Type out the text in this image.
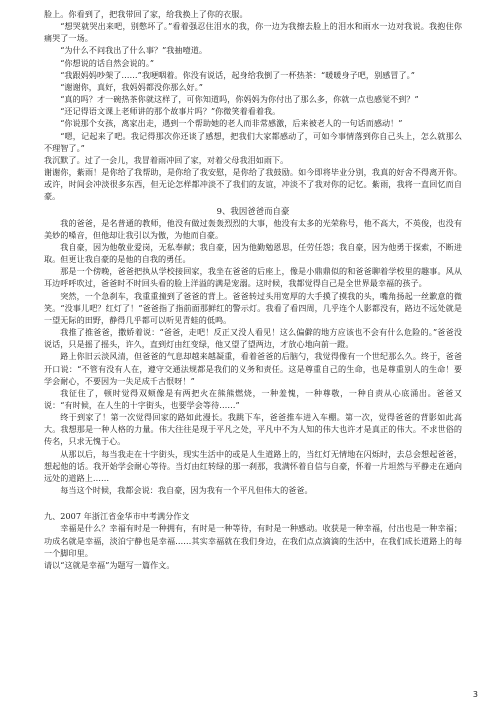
脸上。你看到了，把我带回了家，给我换上了你的衣服。

“想哭就哭出来吧，别憋坏了。”看着强忍住泪水的我，你一边为我擦去脸上的泪水和雨水一边对我说。我抱住你痛哭了一场。

“为什么不问我出了什么事？”我抽噎道。

“你想说的话自然会说的。”

“我跟妈妈吵架了……”我哽咽着。你没有说话，起身给我倒了一杯热茶：“暖暖身子吧，别感冒了。”

“谢谢你，真好，我妈妈都没你那么好。”

“真的吗？才一碗热茶你就这样了，可你知道吗，你妈妈为你付出了那么多，你就一点也感觉不到？”

“还记得语文课上老师讲的那个故事片吗？”你微笑着看着我。

“你说那个女孩，离家出走，遇到一个帮助她的老人而非常感激，后来被老人的一句话而感动！”

“嗯，记起来了吧。我记得那次你还谈了感想，把我们大家都感动了，可如今事情落到你自己头上，怎么就那么不理智了。”

我沉默了。过了一会儿，我冒着雨冲回了家，对着父母我泪如雨下。

谢谢你，紫雨！是你给了我帮助，是你给了我安慰，是你给了我鼓励。如今即将毕业分别，我真的好舍不得离开你。或许，时间会冲淡很多东西，但无论怎样都冲淡不了我们的友谊，冲淡不了我对你的记忆。紫雨，我将一直回忆而自豪。

9、我因爸爸而自豪

我的爸爸，是名普通的教师，他没有做过轰轰烈烈的大事，他没有太多的光荣称号，他不高大，不英俊，也没有美妙的嗓音，但他却让我引以为傲，为他而自豪。

我自豪，因为他敬业爱岗，无私奉献；我自豪，因为他勤勉恩思，任劳任怨；我自豪，因为他勇于探索，不断进取。但更让我自豪的是他的自我的勇任。

那是一个傍晚，爸爸把执从学校接回家，我坐在爸爸的后座上，像是小鼎鼎似的和爸爸聊着学校里的趣事。风从耳边呼呼吹过，爸爸时不时回头看的脸上洋溢的满是宠溺。这时候，我都觉得自己是全世界最幸福的孩子。

突然，一个急刹车，我重重撞到了爸爸的背上。爸爸转过头用宽厚的大手摸了摸我的头，嘴角扬起一丝歉意的微笑。“没事儿吧？红灯了！”爸爸指了指前面那鲜红的警示灯。我看了看四周，几乎连个人影都没有，路边不远处就是一望无际的田野，静得几乎都可以听见青蛙的低鸣。

我推了推爸爸，撒娇着说：“爸爸，走吧！反正又没人看见！这么偏僻的地方应该也不会有什么危险的。”爸爸没说话，只是摇了摇头，许久，直到灯由红变绿，他又望了望两边，才放心地向前一蹬。

路上你旧云淡风清，但爸爸的气息却越来越凝重，看着爸爸的后脑勺，我觉得像有一个世纪那么久。终于，爸爸开口说：“不管有没有人在，遵守交通法规都是我们的义务和责任。这是尊重自己的生命，也是尊重别人的生命！要学会耐心，不要因为一失足成千古恨呀！”

我征住了，顿时觉得双颊像是有两把火在熊熊燃烧，一种羞愧，一种尊敬，一种自责从心底涌出。爸爸又说：“有时候，在人生的十字街头，也要学会等待……”

终于到家了！第一次觉得回家的路如此漫长。我跳下车，爸爸推车进入车棚。第一次，觉得爸爸的背影如此高大。我想那是一种人格的力量。伟大往往是现于平凡之处，平凡中不为人知的伟大也许才是真正的伟大。不求世俗的传名，只求无愧于心。

从那以后，每当我走在十字街头，现实生活中的或是人生道路上的，当红灯无情地在闪烁时，去总会想起爸爸，想起他的话。我开始学会耐心等待。当灯由红转绿的那一刹那，我满怀着自信与自豪，怀着一片坦然与平静走在通向远处的道路上……

每当这个时候，我都会说：我自豪，因为我有一个平凡但伟大的爸爸。

九、2007 年浙江省金华市中考满分作文

幸福是什么？幸福有时是一种拥有，有时是一种等待，有时是一种感动。收获是一种幸福，付出也是一种幸福；功成名就是幸福，淡泊宁静也是幸福……其实幸福就在我们身边，在我们点点滴滴的生活中，在我们成长道路上的每一个脚印里。

请以“这就是幸福”为题写一篇作文。

3
